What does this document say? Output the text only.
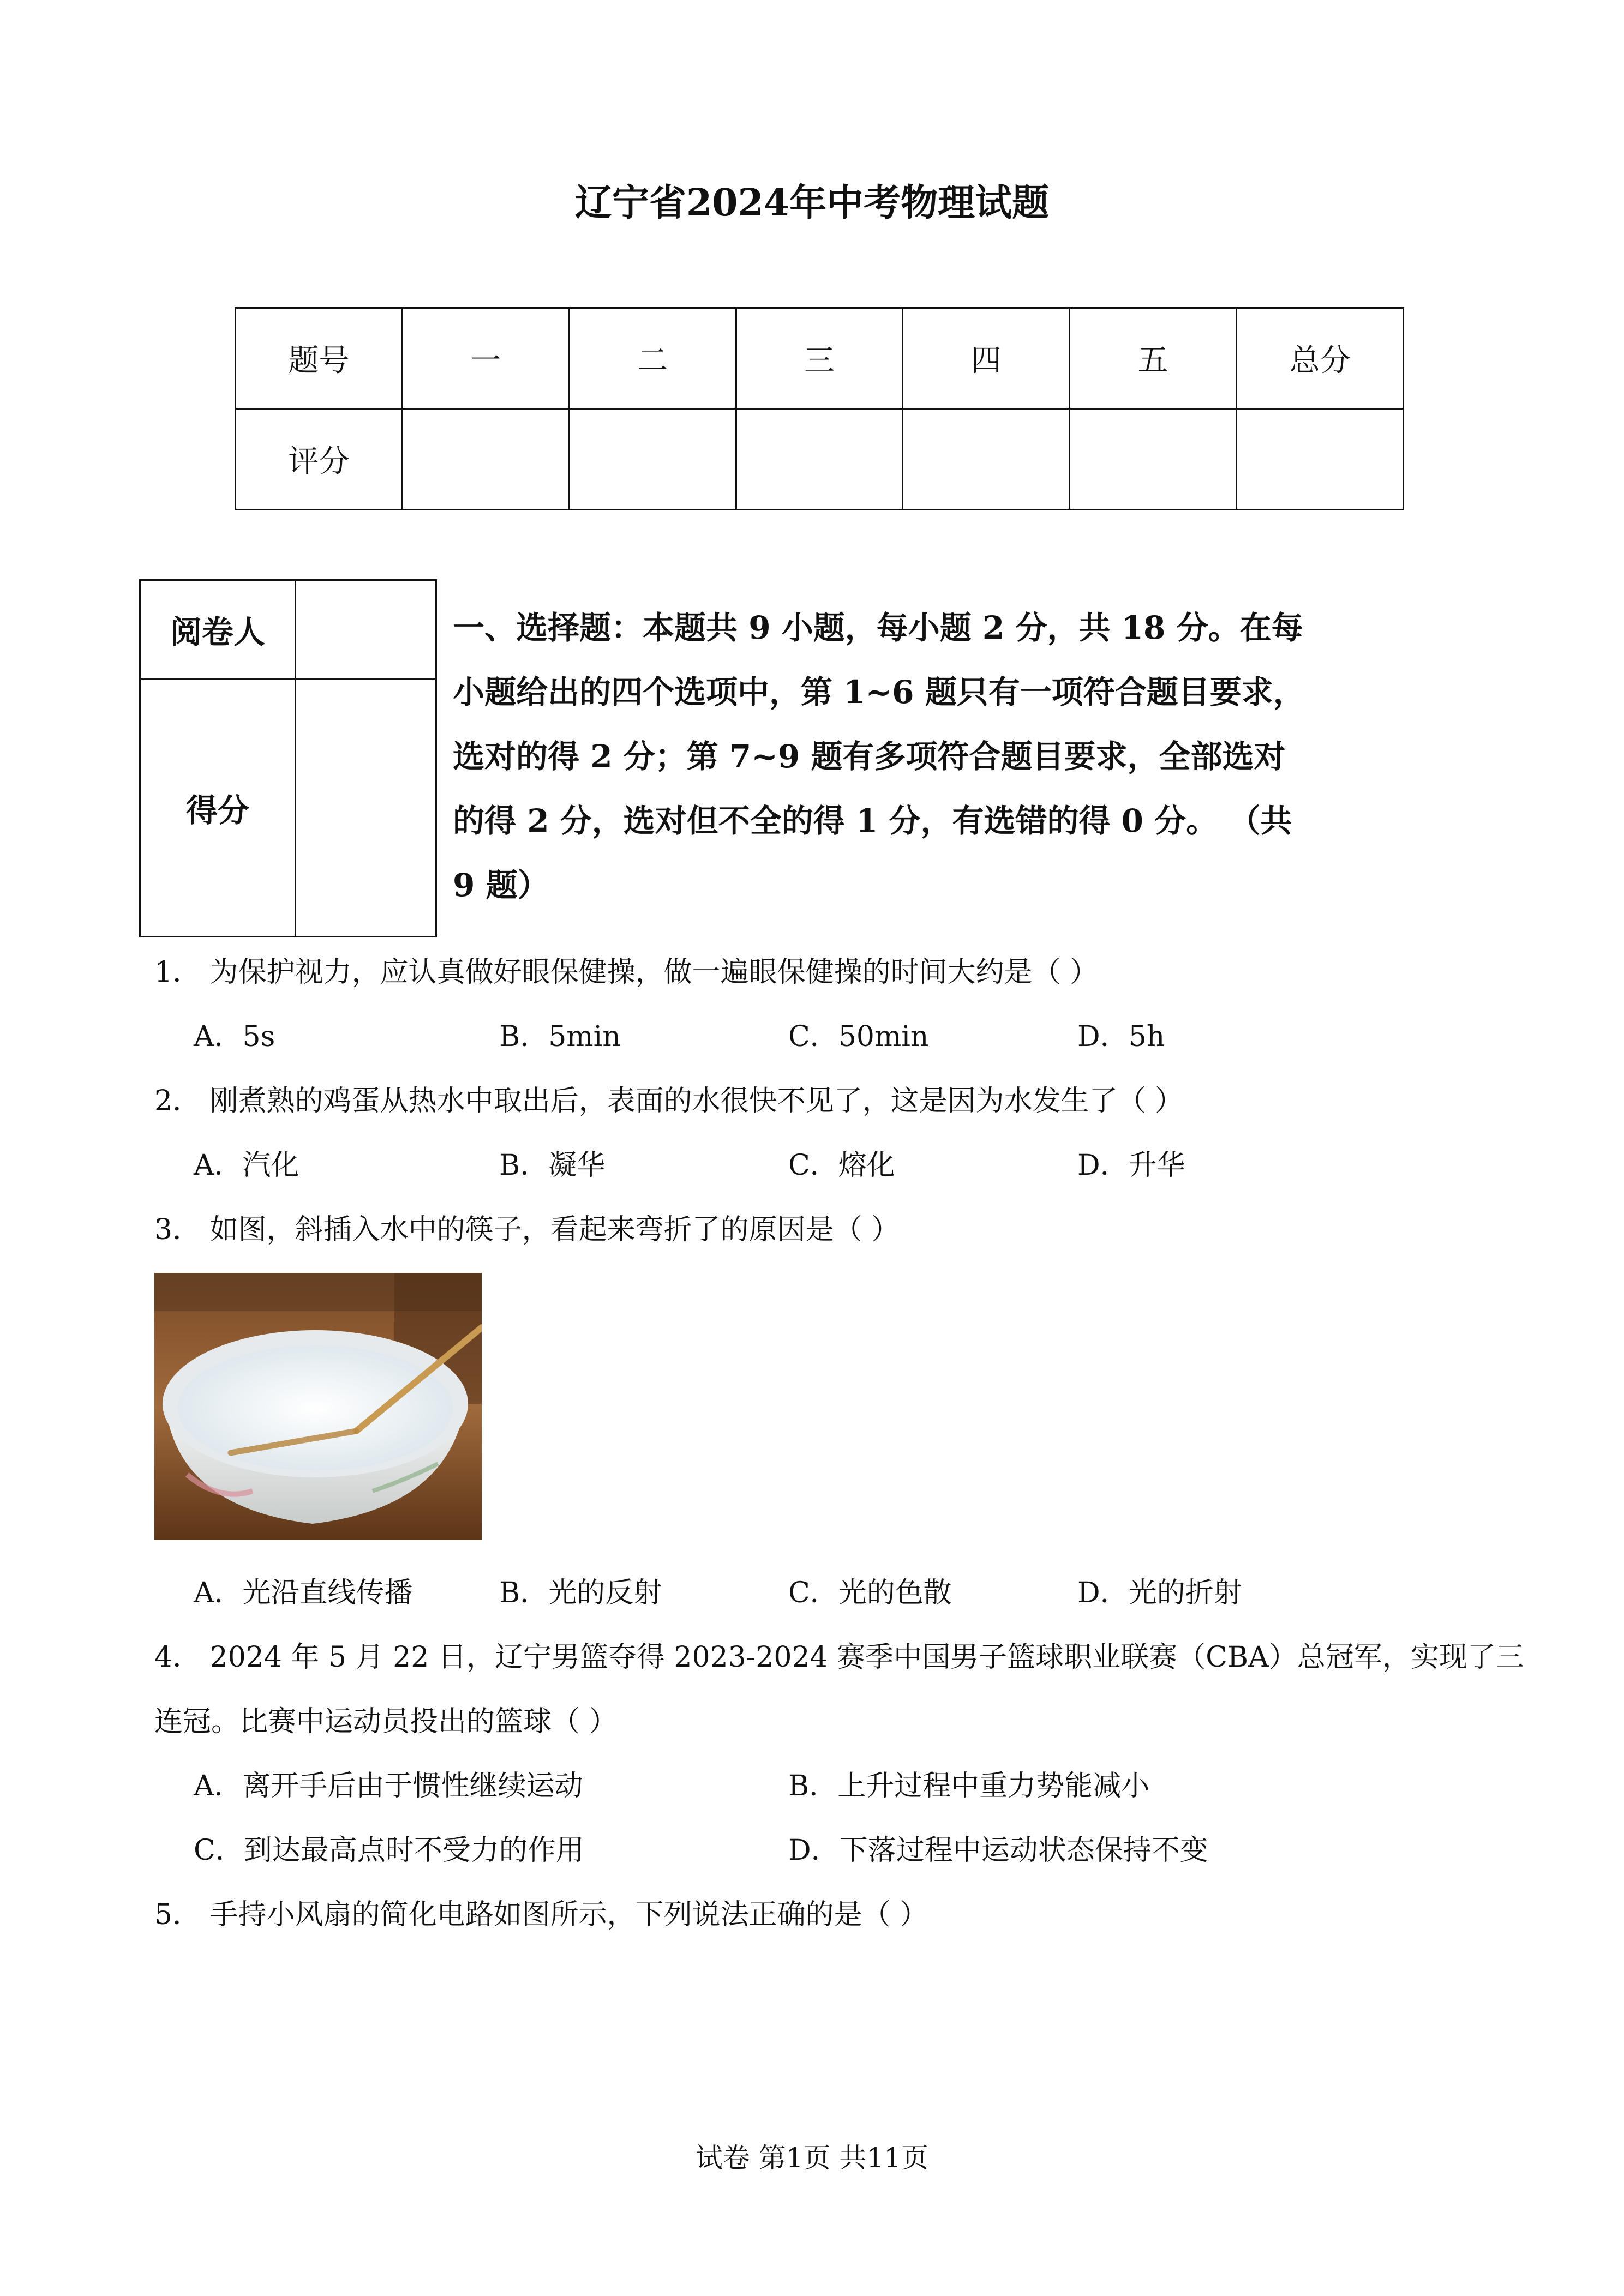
辽宁省2024年中考物理试题
题号	一	二	三	四	五	总分
评分						
阅卷人	
得分	
一、选择题：本题共 9 小题，每小题 2 分，共 18 分。在每
小题给出的四个选项中，第 1~6 题只有一项符合题目要求，
选对的得 2 分；第 7~9 题有多项符合题目要求，全部选对
的得 2 分，选对但不全的得 1 分，有选错的得 0 分。 （共
9 题）
1． 为保护视力，应认真做好眼保健操，做一遍眼保健操的时间大约是（ ）
A．5s	B．5min	C．50min	D．5h
2． 刚煮熟的鸡蛋从热水中取出后，表面的水很快不见了，这是因为水发生了（ ）
A．汽化	B．凝华	C．熔化	D．升华
3． 如图，斜插入水中的筷子，看起来弯折了的原因是（ ）
A．光沿直线传播	B．光的反射	C．光的色散	D．光的折射
4． 2024 年 5 月 22 日，辽宁男篮夺得 2023-2024 赛季中国男子篮球职业联赛（CBA）总冠军，实现了三
连冠。比赛中运动员投出的篮球（ ）
A．离开手后由于惯性继续运动	B．上升过程中重力势能减小
C．到达最高点时不受力的作用	D．下落过程中运动状态保持不变
5． 手持小风扇的简化电路如图所示，下列说法正确的是（ ）
试卷 第1页 共11页
